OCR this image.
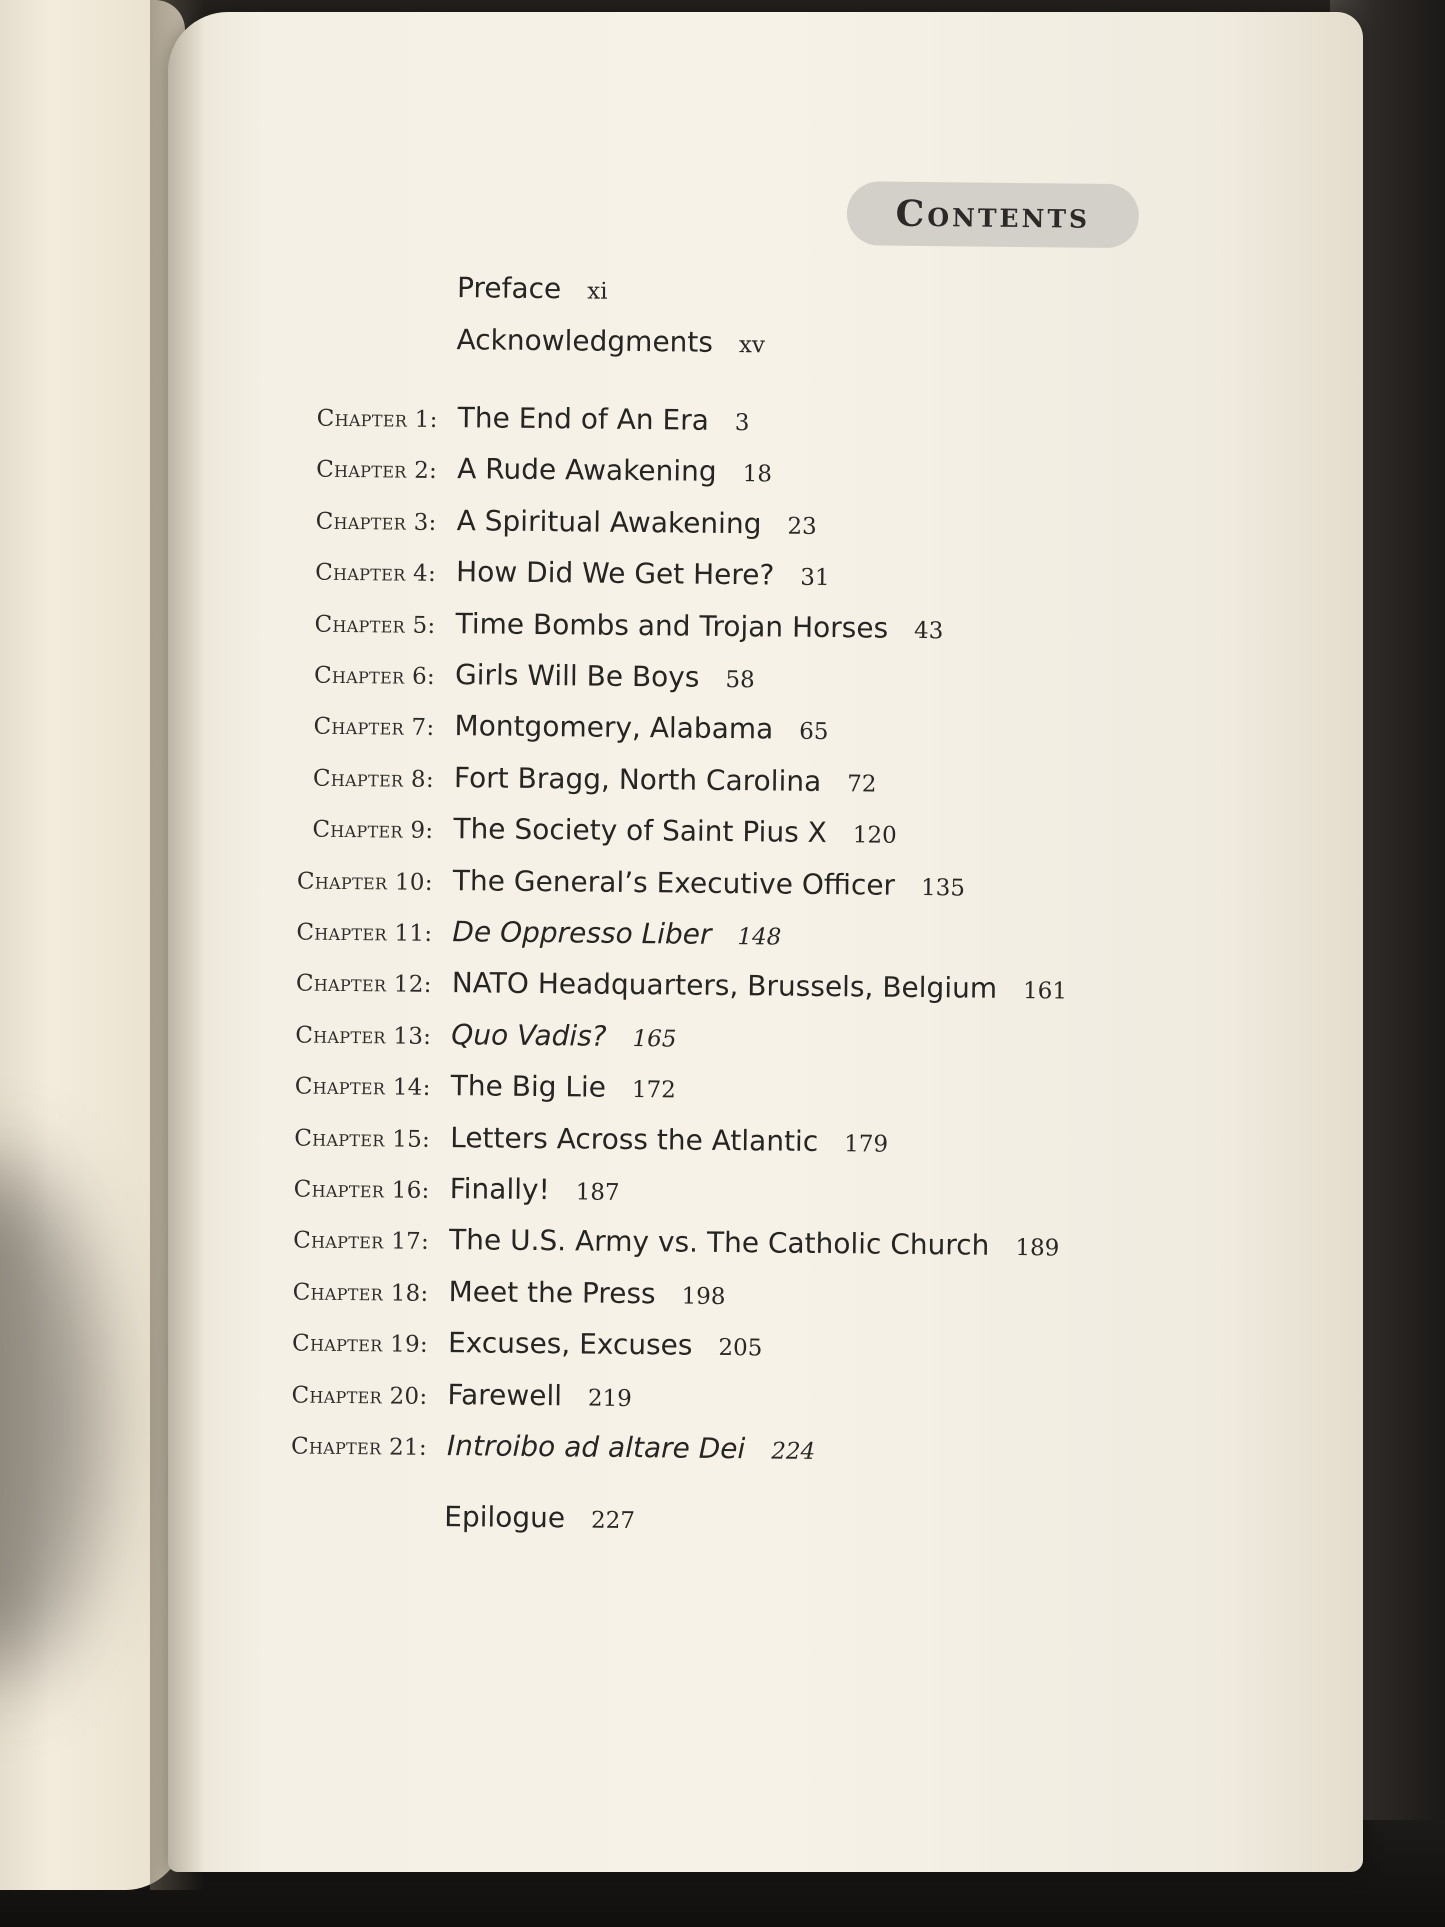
Contents
Preface xi
Acknowledgments xv
Chapter 1: The End of An Era 3
Chapter 2: A Rude Awakening 18
Chapter 3: A Spiritual Awakening 23
Chapter 4: How Did We Get Here? 31
Chapter 5: Time Bombs and Trojan Horses 43
Chapter 6: Girls Will Be Boys 58
Chapter 7: Montgomery, Alabama 65
Chapter 8: Fort Bragg, North Carolina 72
Chapter 9: The Society of Saint Pius X 120
Chapter 10: The General’s Executive Officer 135
Chapter 11: De Oppresso Liber 148
Chapter 12: NATO Headquarters, Brussels, Belgium 161
Chapter 13: Quo Vadis? 165
Chapter 14: The Big Lie 172
Chapter 15: Letters Across the Atlantic 179
Chapter 16: Finally! 187
Chapter 17: The U.S. Army vs. The Catholic Church 189
Chapter 18: Meet the Press 198
Chapter 19: Excuses, Excuses 205
Chapter 20: Farewell 219
Chapter 21: Introibo ad altare Dei 224
Epilogue 227
